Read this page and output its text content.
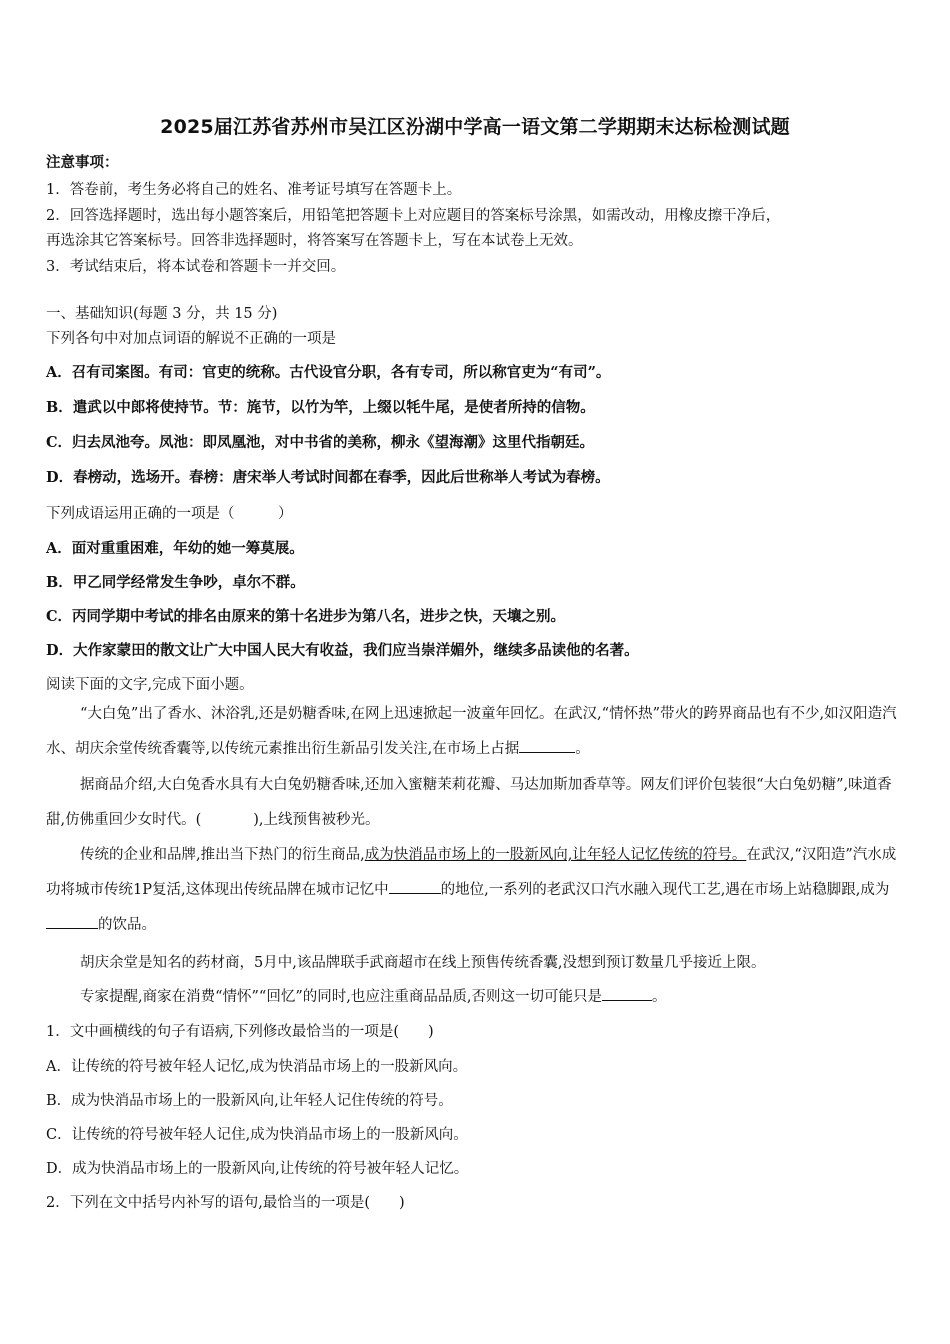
2025届江苏省苏州市吴江区汾湖中学高一语文第二学期期末达标检测试题
注意事项：
1．答卷前，考生务必将自己的姓名、准考证号填写在答题卡上。
2．回答选择题时，选出每小题答案后，用铅笔把答题卡上对应题目的答案标号涂黑，如需改动，用橡皮擦干净后，
再选涂其它答案标号。回答非选择题时，将答案写在答题卡上，写在本试卷上无效。
3．考试结束后，将本试卷和答题卡一并交回。
一、基础知识(每题 3 分，共 15 分)
下列各句中对加点词语的解说不正确的一项是
A．召有司案图。有司：官吏的统称。古代设官分职，各有专司，所以称官吏为“有司”。
B．遣武以中郎将使持节。节：旄节，以竹为竿，上缀以牦牛尾，是使者所持的信物。
C．归去凤池夸。凤池：即凤凰池，对中书省的美称，柳永《望海潮》这里代指朝廷。
D．春榜动，选场开。春榜：唐宋举人考试时间都在春季，因此后世称举人考试为春榜。
下列成语运用正确的一项是（　　　）
A．面对重重困难，年幼的她一筹莫展。
B．甲乙同学经常发生争吵，卓尔不群。
C．丙同学期中考试的排名由原来的第十名进步为第八名，进步之快，天壤之别。
D．大作家蒙田的散文让广大中国人民大有收益，我们应当崇洋媚外，继续多品读他的名著。
阅读下面的文字,完成下面小题。
“大白兔”出了香水、沐浴乳,还是奶糖香味,在网上迅速掀起一波童年回忆。在武汉,“情怀热”带火的跨界商品也有不少,如汉阳造汽水、胡庆余堂传统香囊等,以传统元素推出衍生新品引发关注,在市场上占据	。
据商品介绍,大白兔香水具有大白兔奶糖香味,还加入蜜糖茉莉花瓣、马达加斯加香草等。网友们评价包装很“大白兔奶糖”,味道香甜,仿佛重回少女时代。(	),上线预售被秒光。
传统的企业和品牌,推出当下热门的衍生商品,成为快消品市场上的一股新风向,让年轻人记忆传统的符号。在武汉,“汉阳造”汽水成功将城市传统1P复活,这体现出传统品牌在城市记忆中	的地位,一系列的老武汉口汽水融入现代工艺,遇在市场上站稳脚跟,成为的饮品。
胡庆余堂是知名的药材商，5月中,该品牌联手武商超市在线上预售传统香囊,没想到预订数量几乎接近上限。
专家提醒,商家在消费“情怀”“回忆”的同时,也应注重商品品质,否则这一切可能只是	。
1．文中画横线的句子有语病,下列修改最恰当的一项是(　　)
A．让传统的符号被年轻人记忆,成为快消品市场上的一股新风向。
B．成为快消品市场上的一股新风向,让年轻人记住传统的符号。
C．让传统的符号被年轻人记住,成为快消品市场上的一股新风向。
D．成为快消品市场上的一股新风向,让传统的符号被年轻人记忆。
2．下列在文中括号内补写的语句,最恰当的一项是(　　)
